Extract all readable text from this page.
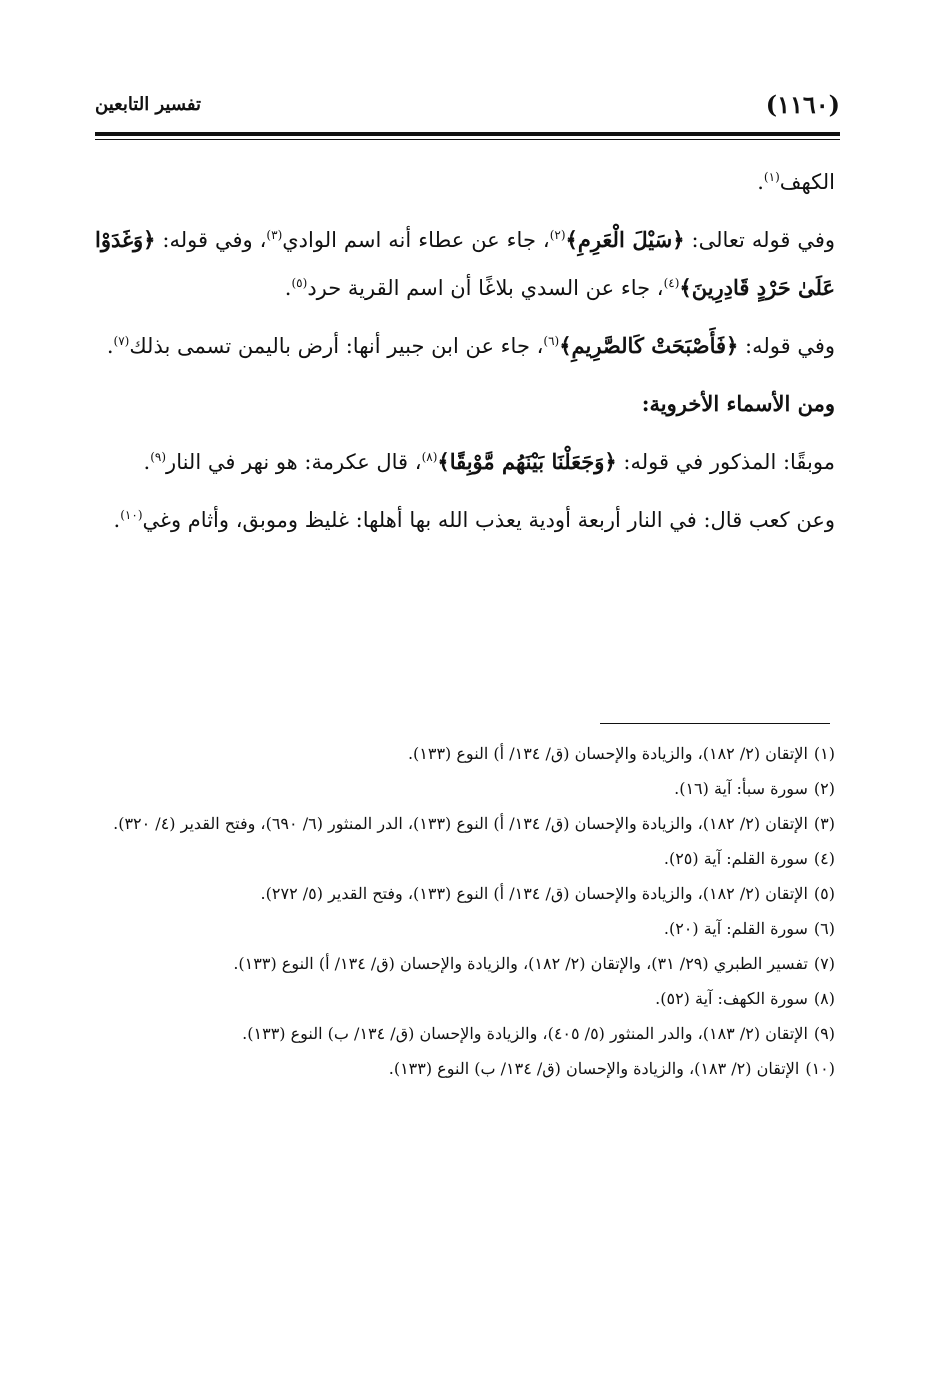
(١١٦٠)
تفسير التابعين

الكهف$^{(١)}$.

وفي قوله تعالى: ﴿سَيْلَ الْعَرِمِ﴾$^{(٢)}$، جاء عن عطاء أنه اسم الوادي$^{(٣)}$، وفي قوله: ﴿وَغَدَوْا عَلَىٰ حَرْدٍ قَادِرِينَ﴾$^{(٤)}$، جاء عن السدي بلاغًا أن اسم القرية حرد$^{(٥)}$.

وفي قوله: ﴿فَأَصْبَحَتْ كَالصَّرِيمِ﴾$^{(٦)}$، جاء عن ابن جبير أنها: أرض باليمن تسمى بذلك$^{(٧)}$.

ومن الأسماء الأخروية:

موبقًا: المذكور في قوله: ﴿وَجَعَلْنَا بَيْنَهُم مَّوْبِقًا﴾$^{(٨)}$، قال عكرمة: هو نهر في النار$^{(٩)}$.

وعن كعب قال: في النار أربعة أودية يعذب الله بها أهلها: غليظ وموبق، وأثام وغي$^{(١٠)}$.

(١)الإتقان (٢/ ١٨٢)، والزيادة والإحسان (ق/ ١٣٤/ أ) النوع (١٣٣).
(٢)سورة سبأ: آية (١٦).
(٣)الإتقان (٢/ ١٨٢)، والزيادة والإحسان (ق/ ١٣٤/ أ) النوع (١٣٣)، الدر المنثور (٦/ ٦٩٠)، وفتح القدير (٤/ ٣٢٠).
(٤)سورة القلم: آية (٢٥).
(٥)الإتقان (٢/ ١٨٢)، والزيادة والإحسان (ق/ ١٣٤/ أ) النوع (١٣٣)، وفتح القدير (٥/ ٢٧٢).
(٦)سورة القلم: آية (٢٠).
(٧)تفسير الطبري (٢٩/ ٣١)، والإتقان (٢/ ١٨٢)، والزيادة والإحسان (ق/ ١٣٤/ أ) النوع (١٣٣).
(٨)سورة الكهف: آية (٥٢).
(٩)الإتقان (٢/ ١٨٣)، والدر المنثور (٥/ ٤٠٥)، والزيادة والإحسان (ق/ ١٣٤/ ب) النوع (١٣٣).
(١٠)الإتقان (٢/ ١٨٣)، والزيادة والإحسان (ق/ ١٣٤/ ب) النوع (١٣٣).
